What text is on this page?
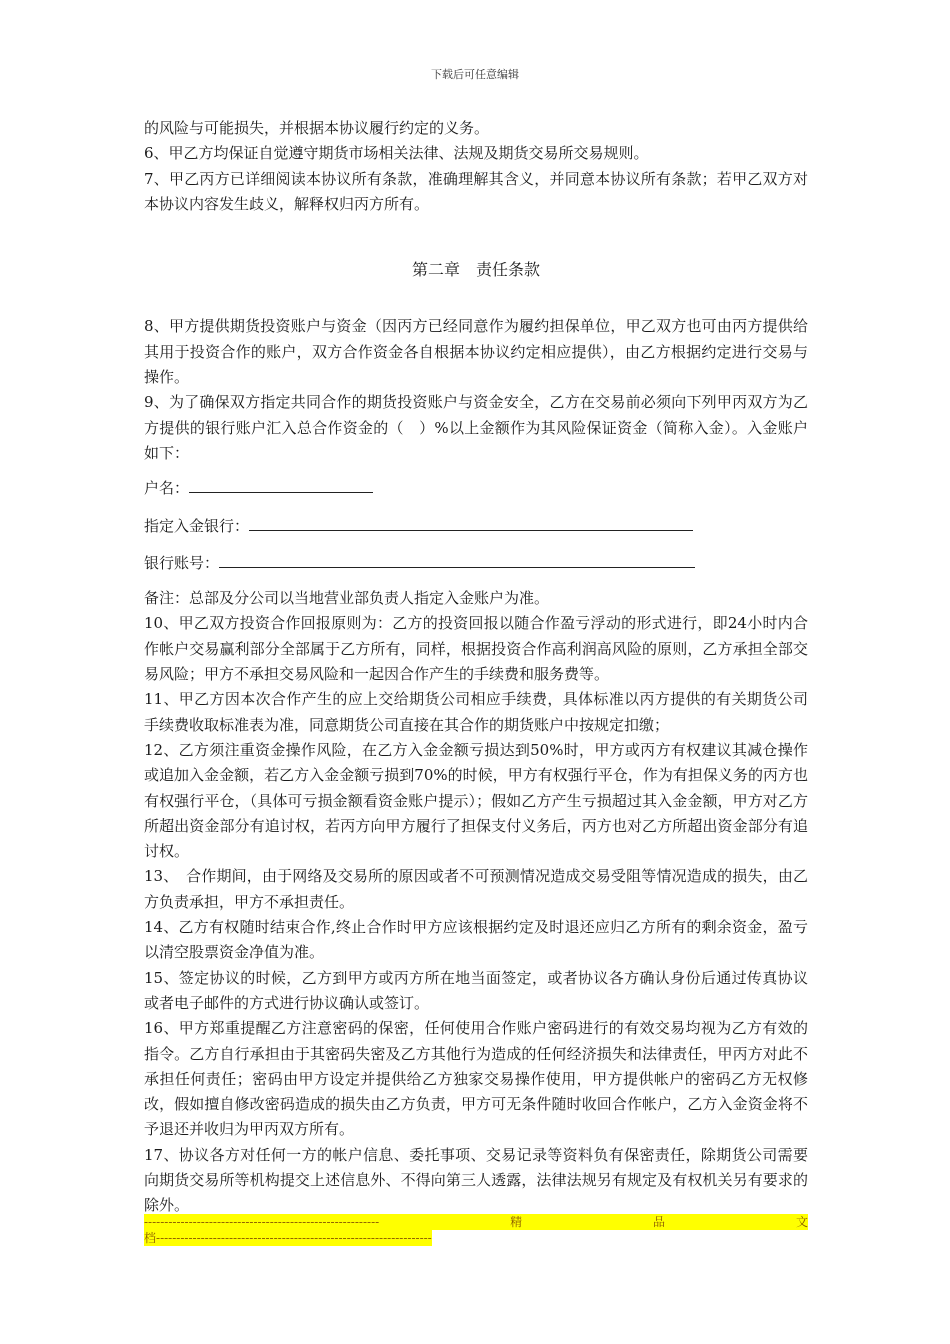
下载后可任意编辑

的风险与可能损失，并根据本协议履行约定的义务。

6、甲乙方均保证自觉遵守期货市场相关法律、法规及期货交易所交易规则。

7、甲乙丙方已详细阅读本协议所有条款，准确理解其含义，并同意本协议所有条款；若甲乙双方对本协议内容发生歧义，解释权归丙方所有。

第二章　责任条款

8、甲方提供期货投资账户与资金（因丙方已经同意作为履约担保单位，甲乙双方也可由丙方提供给其用于投资合作的账户，双方合作资金各自根据本协议约定相应提供），由乙方根据约定进行交易与操作。

9、为了确保双方指定共同合作的期货投资账户与资金安全，乙方在交易前必须向下列甲丙双方为乙方提供的银行账户汇入总合作资金的（　）%以上金额作为其风险保证资金（简称入金）。入金账户如下：

户名：

指定入金银行：

银行账号：

备注：总部及分公司以当地营业部负责人指定入金账户为准。

10、甲乙双方投资合作回报原则为：乙方的投资回报以随合作盈亏浮动的形式进行，即24小时内合作帐户交易赢利部分全部属于乙方所有，同样，根据投资合作高利润高风险的原则，乙方承担全部交易风险；甲方不承担交易风险和一起因合作产生的手续费和服务费等。

11、甲乙方因本次合作产生的应上交给期货公司相应手续费，具体标准以丙方提供的有关期货公司手续费收取标准表为准，同意期货公司直接在其合作的期货账户中按规定扣缴；

12、乙方须注重资金操作风险，在乙方入金金额亏损达到50%时，甲方或丙方有权建议其减仓操作或追加入金金额，若乙方入金金额亏损到70%的时候，甲方有权强行平仓，作为有担保义务的丙方也有权强行平仓，（具体可亏损金额看资金账户提示）；假如乙方产生亏损超过其入金金额，甲方对乙方所超出资金部分有追讨权，若丙方向甲方履行了担保支付义务后，丙方也对乙方所超出资金部分有追讨权。

13、　合作期间，由于网络及交易所的原因或者不可预测情况造成交易受阻等情况造成的损失，由乙方负责承担，甲方不承担责任。

14、乙方有权随时结束合作,终止合作时甲方应该根据约定及时退还应归乙方所有的剩余资金，盈亏以清空股票资金净值为准。

15、签定协议的时候，乙方到甲方或丙方所在地当面签定，或者协议各方确认身份后通过传真协议或者电子邮件的方式进行协议确认或签订。

16、甲方郑重提醒乙方注意密码的保密，任何使用合作账户密码进行的有效交易均视为乙方有效的指令。乙方自行承担由于其密码失密及乙方其他行为造成的任何经济损失和法律责任，甲丙方对此不承担任何责任；密码由甲方设定并提供给乙方独家交易操作使用，甲方提供帐户的密码乙方无权修改，假如擅自修改密码造成的损失由乙方负责，甲方可无条件随时收回合作帐户，乙方入金资金将不予退还并收归为甲丙双方所有。

17、协议各方对任何一方的帐户信息、委托事项、交易记录等资料负有保密责任，除期货公司需要向期货交易所等机构提交上述信息外、不得向第三人透露，法律法规另有规定及有权机关另有要求的除外。

----------------------------------------------------------	精	品	文
档--------------------------------------------------------------------
